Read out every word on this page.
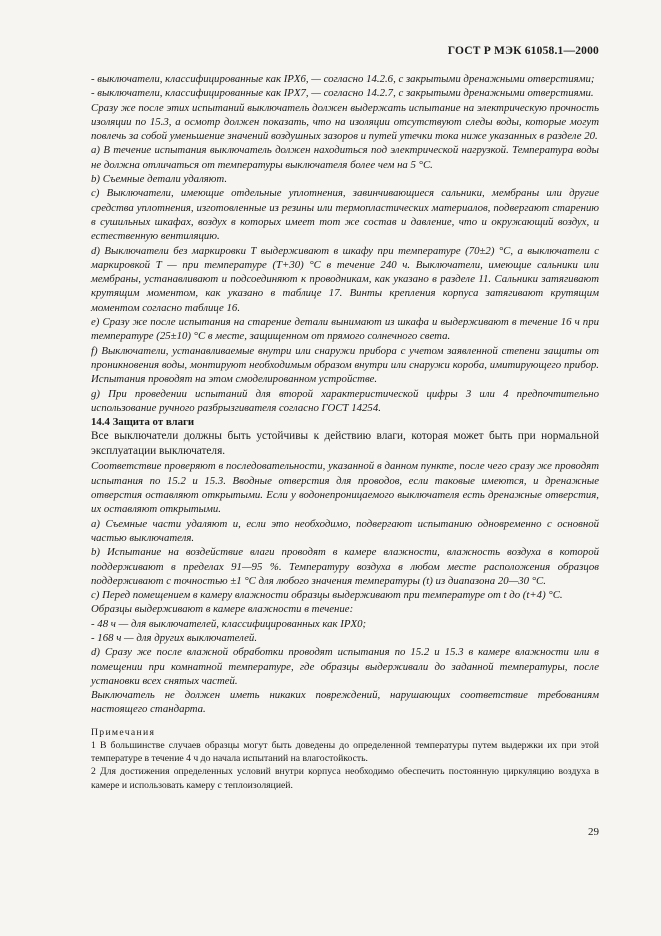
ГОСТ Р МЭК 61058.1—2000

- выключатели, классифицированные как IPX6, — согласно 14.2.6, с закрытыми дренажными отверстиями;

- выключатели, классифицированные как IPX7, — согласно 14.2.7, с закрытыми дренажными отверстиями.

Сразу же после этих испытаний выключатель должен выдержать испытание на электрическую прочность изоляции по 15.3, а осмотр должен показать, что на изоляции отсутствуют следы воды, которые могут повлечь за собой уменьшение значений воздушных зазоров и путей утечки тока ниже указанных в разделе 20.

а) В течение испытания выключатель должен находиться под электрической нагрузкой. Температура воды не должна отличаться от температуры выключателя более чем на 5 °С.

b) Съемные детали удаляют.

c) Выключатели, имеющие отдельные уплотнения, завинчивающиеся сальники, мембраны или другие средства уплотнения, изготовленные из резины или термопластических материалов, подвергают старению в сушильных шкафах, воздух в которых имеет тот же состав и давление, что и окружающий воздух, и естественную вентиляцию.

d) Выключатели без маркировки T выдерживают в шкафу при температуре (70±2) °С, а выключатели с маркировкой T — при температуре (T+30) °С в течение 240 ч. Выключатели, имеющие сальники или мембраны, устанавливают и подсоединяют к проводникам, как указано в разделе 11. Сальники затягивают крутящим моментом, как указано в таблице 17. Винты крепления корпуса затягивают крутящим моментом согласно таблице 16.

e) Сразу же после испытания на старение детали вынимают из шкафа и выдерживают в течение 16 ч при температуре (25±10) °С в месте, защищенном от прямого солнечного света.

f) Выключатели, устанавливаемые внутри или снаружи прибора с учетом заявленной степени защиты от проникновения воды, монтируют необходимым образом внутри или снаружи короба, имитирующего прибор. Испытания проводят на этом смоделированном устройстве.

g) При проведении испытаний для второй характеристической цифры 3 или 4 предпочтительно использование ручного разбрызгивателя согласно ГОСТ 14254.

14.4 Защита от влаги

Все выключатели должны быть устойчивы к действию влаги, которая может быть при нормальной эксплуатации выключателя.

Соответствие проверяют в последовательности, указанной в данном пункте, после чего сразу же проводят испытания по 15.2 и 15.3. Вводные отверстия для проводов, если таковые имеются, и дренажные отверстия оставляют открытыми. Если у водонепроницаемого выключателя есть дренажные отверстия, их оставляют открытыми.

а) Съемные части удаляют и, если это необходимо, подвергают испытанию одновременно с основной частью выключателя.

b) Испытание на воздействие влаги проводят в камере влажности, влажность воздуха в которой поддерживают в пределах 91—95 %. Температуру воздуха в любом месте расположения образцов поддерживают с точностью ±1 °С для любого значения температуры (t) из диапазона 20—30 °С.

c) Перед помещением в камеру влажности образцы выдерживают при температуре от t до (t+4) °С.

Образцы выдерживают в камере влажности в течение:

- 48 ч — для выключателей, классифицированных как IPX0;

- 168 ч — для других выключателей.

d) Сразу же после влажной обработки проводят испытания по 15.2 и 15.3 в камере влажности или в помещении при комнатной температуре, где образцы выдерживали до заданной температуры, после установки всех снятых частей.

Выключатель не должен иметь никаких повреждений, нарушающих соответствие требованиям настоящего стандарта.

Примечания

1 В большинстве случаев образцы могут быть доведены до определенной температуры путем выдержки их при этой температуре в течение 4 ч до начала испытаний на влагостойкость.

2 Для достижения определенных условий внутри корпуса необходимо обеспечить постоянную циркуляцию воздуха в камере и использовать камеру с теплоизоляцией.

29
